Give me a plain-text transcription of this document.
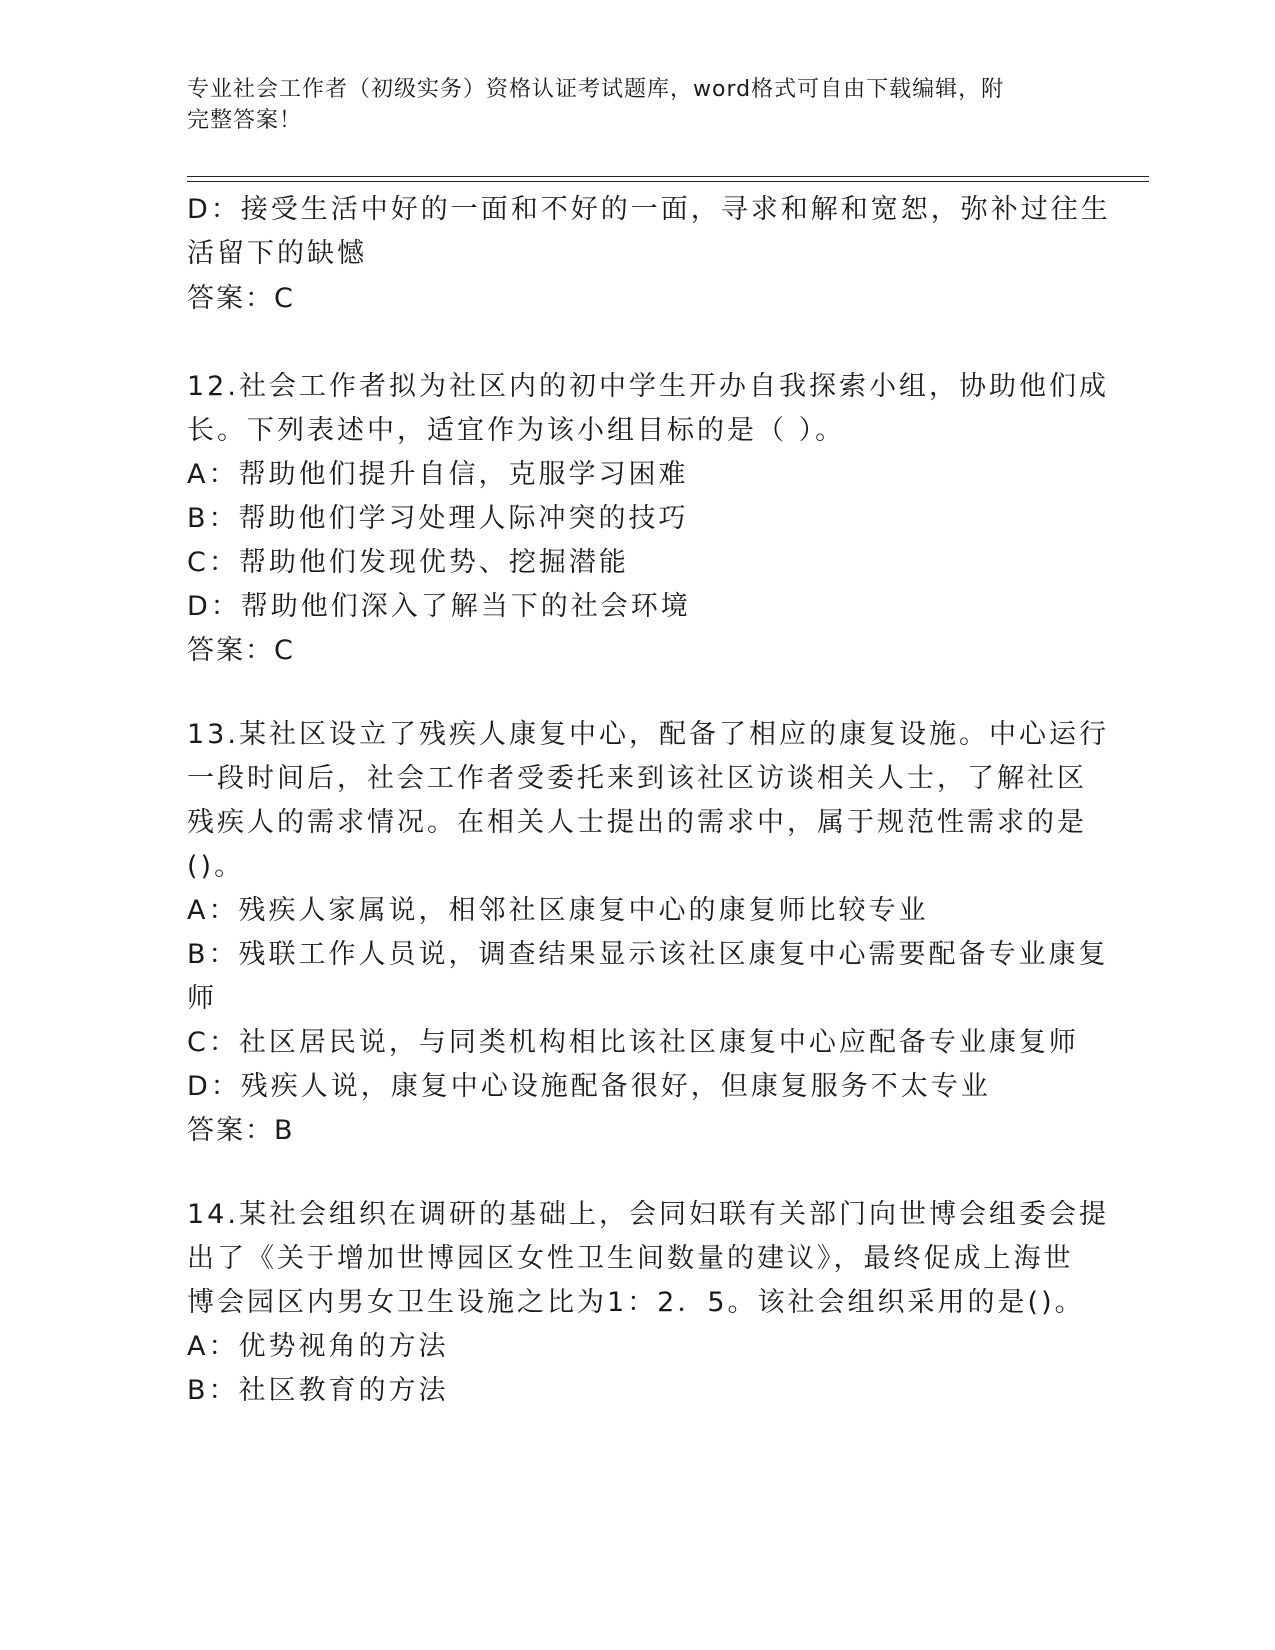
专业社会工作者（初级实务）资格认证考试题库，word格式可自由下载编辑，附
完整答案！
D：接受生活中好的一面和不好的一面，寻求和解和宽恕，弥补过往生
活留下的缺憾
答案：C
12.社会工作者拟为社区内的初中学生开办自我探索小组，协助他们成
长。下列表述中，适宜作为该小组目标的是（ ）。
A：帮助他们提升自信，克服学习困难
B：帮助他们学习处理人际冲突的技巧
C：帮助他们发现优势、挖掘潜能
D：帮助他们深入了解当下的社会环境
答案：C
13.某社区设立了残疾人康复中心，配备了相应的康复设施。中心运行
一段时间后，社会工作者受委托来到该社区访谈相关人士，了解社区
残疾人的需求情况。在相关人士提出的需求中，属于规范性需求的是
()。
A：残疾人家属说，相邻社区康复中心的康复师比较专业
B：残联工作人员说，调查结果显示该社区康复中心需要配备专业康复
师
C：社区居民说，与同类机构相比该社区康复中心应配备专业康复师
D：残疾人说，康复中心设施配备很好，但康复服务不太专业
答案：B
14.某社会组织在调研的基础上，会同妇联有关部门向世博会组委会提
出了《关于增加世博园区女性卫生间数量的建议》，最终促成上海世
博会园区内男女卫生设施之比为1：2．5。该社会组织采用的是()。
A：优势视角的方法
B：社区教育的方法
